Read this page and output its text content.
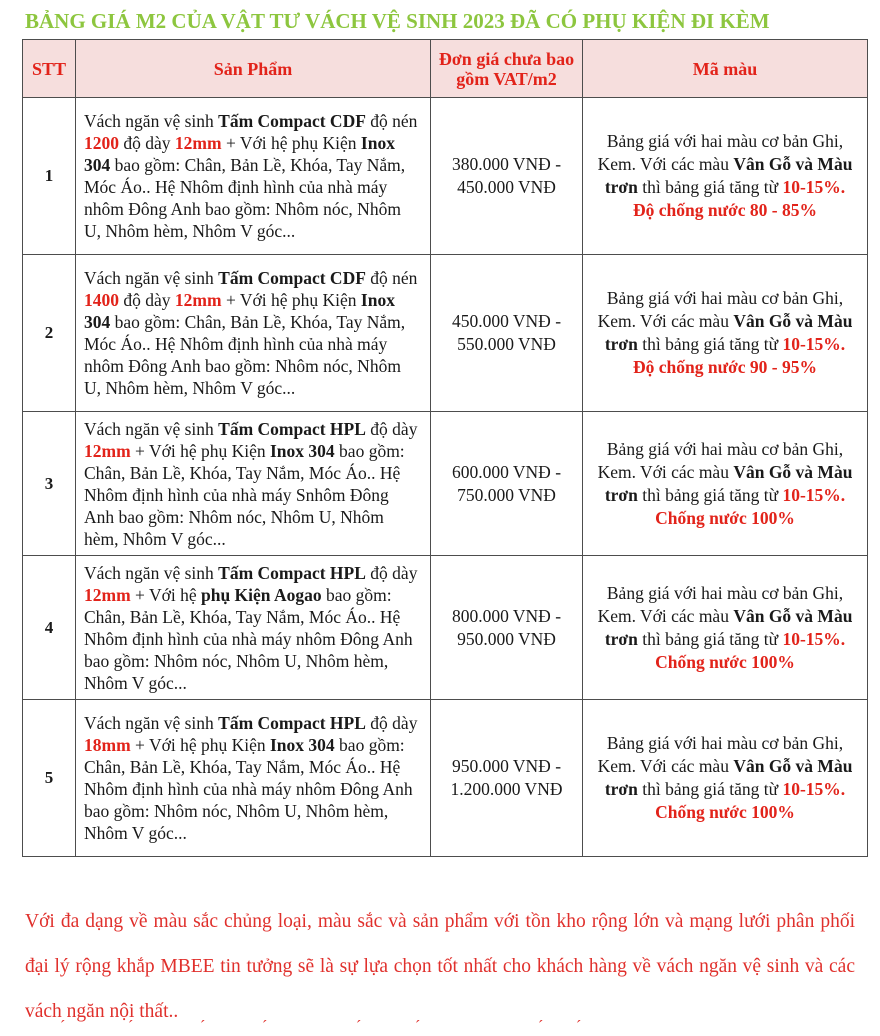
BẢNG GIÁ M2 CỦA VẬT TƯ VÁCH VỆ SINH 2023 ĐÃ CÓ PHỤ KIỆN ĐI KÈM
STT	Sản Phẩm	Đơn giá chưa bao gồm VAT/m2	Mã màu
1	Vách ngăn vệ sinh Tấm Compact CDF độ nén 1200 độ dày 12mm + Với hệ phụ Kiện Inox 304 bao gồm: Chân, Bản Lề, Khóa, Tay Nắm, Móc Áo.. Hệ Nhôm định hình của nhà máy nhôm Đông Anh bao gồm: Nhôm nóc, Nhôm U, Nhôm hèm, Nhôm V góc...	380.000 VNĐ - 450.000 VNĐ	Bảng giá với hai màu cơ bản Ghi, Kem. Với các màu Vân Gỗ và Màu trơn thì bảng giá tăng từ 10-15%. Độ chống nước 80 - 85%
2	Vách ngăn vệ sinh Tấm Compact CDF độ nén 1400 độ dày 12mm + Với hệ phụ Kiện Inox 304 bao gồm: Chân, Bản Lề, Khóa, Tay Nắm, Móc Áo.. Hệ Nhôm định hình của nhà máy nhôm Đông Anh bao gồm: Nhôm nóc, Nhôm U, Nhôm hèm, Nhôm V góc...	450.000 VNĐ - 550.000 VNĐ	Bảng giá với hai màu cơ bản Ghi, Kem. Với các màu Vân Gỗ và Màu trơn thì bảng giá tăng từ 10-15%. Độ chống nước 90 - 95%
3	Vách ngăn vệ sinh Tấm Compact HPL độ dày 12mm + Với hệ phụ Kiện Inox 304 bao gồm: Chân, Bản Lề, Khóa, Tay Nắm, Móc Áo.. Hệ Nhôm định hình của nhà máy Snhôm Đông Anh bao gồm: Nhôm nóc, Nhôm U, Nhôm hèm, Nhôm V góc...	600.000 VNĐ - 750.000 VNĐ	Bảng giá với hai màu cơ bản Ghi, Kem. Với các màu Vân Gỗ và Màu trơn thì bảng giá tăng từ 10-15%. Chống nước 100%
4	Vách ngăn vệ sinh Tấm Compact HPL độ dày 12mm + Với hệ phụ Kiện Aogao bao gồm: Chân, Bản Lề, Khóa, Tay Nắm, Móc Áo.. Hệ Nhôm định hình của nhà máy nhôm Đông Anh bao gồm: Nhôm nóc, Nhôm U, Nhôm hèm, Nhôm V góc...	800.000 VNĐ - 950.000 VNĐ	Bảng giá với hai màu cơ bản Ghi, Kem. Với các màu Vân Gỗ và Màu trơn thì bảng giá tăng từ 10-15%. Chống nước 100%
5	Vách ngăn vệ sinh Tấm Compact HPL độ dày 18mm + Với hệ phụ Kiện Inox 304 bao gồm: Chân, Bản Lề, Khóa, Tay Nắm, Móc Áo.. Hệ Nhôm định hình của nhà máy nhôm Đông Anh bao gồm: Nhôm nóc, Nhôm U, Nhôm hèm, Nhôm V góc...	950.000 VNĐ - 1.200.000 VNĐ	Bảng giá với hai màu cơ bản Ghi, Kem. Với các màu Vân Gỗ và Màu trơn thì bảng giá tăng từ 10-15%. Chống nước 100%

Với đa dạng về màu sắc chủng loại, màu sắc và sản phẩm với tồn kho rộng lớn và mạng lưới phân phối đại lý rộng khắp MBEE tin tưởng sẽ là sự lựa chọn tốt nhất cho khách hàng về vách ngăn vệ sinh và các vách ngăn nội thất..

´	´	´	´	´	´	´ ´
